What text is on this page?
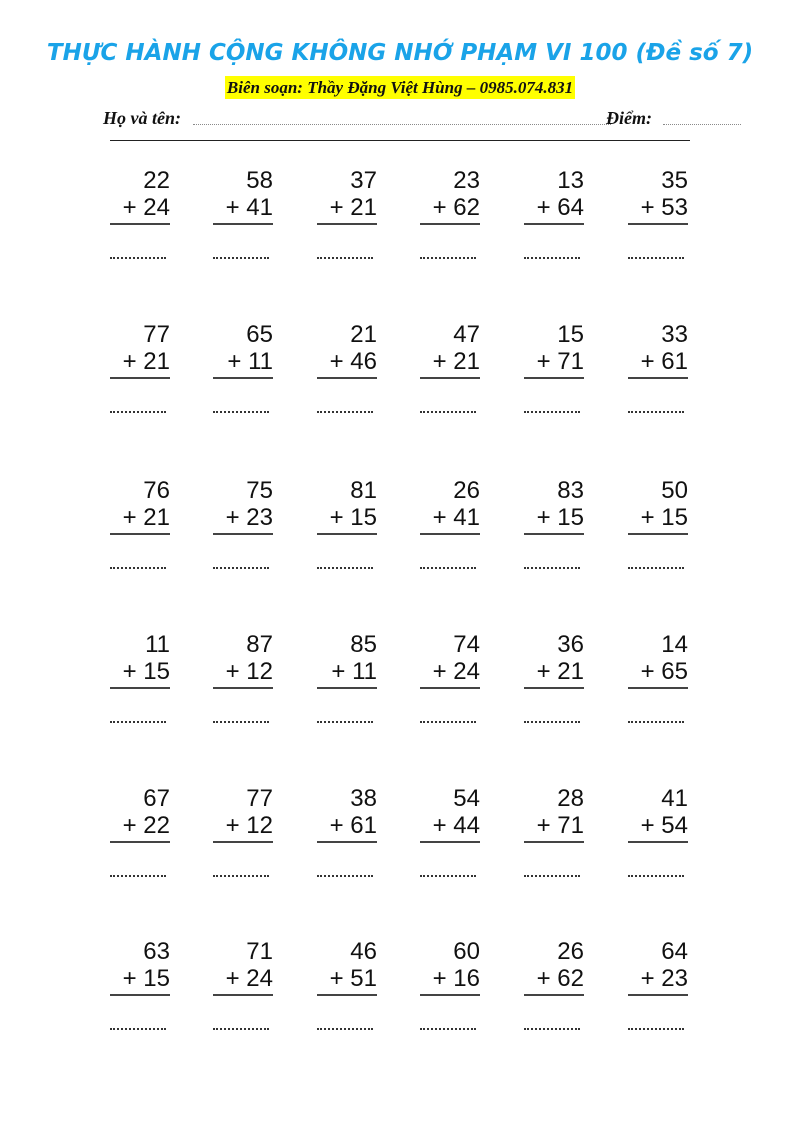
THỰC HÀNH CỘNG KHÔNG NHỚ PHẠM VI 100 (Đề số 7)
Biên soạn: Thầy Đặng Việt Hùng – 0985.074.831
Họ và tên:	Điểm:
22
+ 24
58
+ 41
37
+ 21
23
+ 62
13
+ 64
35
+ 53
77
+ 21
65
+ 11
21
+ 46
47
+ 21
15
+ 71
33
+ 61
76
+ 21
75
+ 23
81
+ 15
26
+ 41
83
+ 15
50
+ 15
11
+ 15
87
+ 12
85
+ 11
74
+ 24
36
+ 21
14
+ 65
67
+ 22
77
+ 12
38
+ 61
54
+ 44
28
+ 71
41
+ 54
63
+ 15
71
+ 24
46
+ 51
60
+ 16
26
+ 62
64
+ 23
